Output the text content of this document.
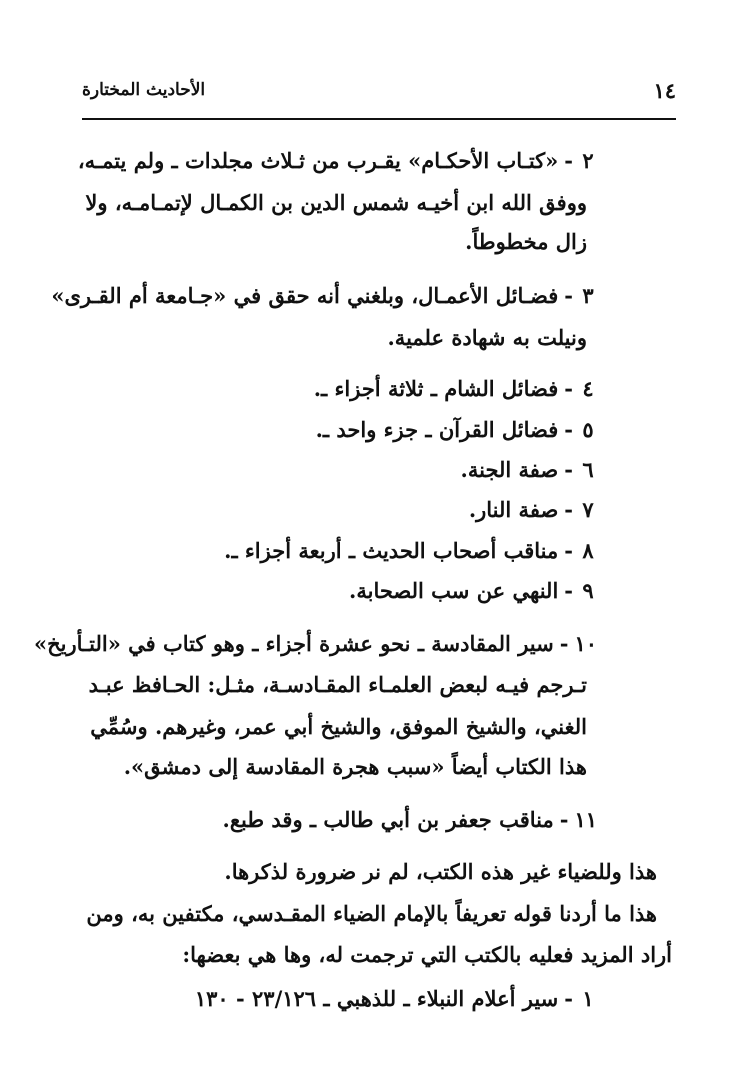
١٤
الأحاديث المختارة
٢-«كتـاب الأحكـام» يقـرب من ثـلاث مجلدات ـ ولم يتمـه،
ووفق الله ابن أخيـه شمس الدين بن الكمـال لإتمـامـه، ولا
زال مخطوطاً.
٣-فضـائل الأعمـال، وبلغني أنه حقق في «جـامعة أم القـرى»
ونيلت به شهادة علمية.
٤-فضائل الشام ـ ثلاثة أجزاء ـ.
٥-فضائل القرآن ـ جزء واحد ـ.
٦-صفة الجنة.
٧-صفة النار.
٨-مناقب أصحاب الحديث ـ أربعة أجزاء ـ.
٩-النهي عن سب الصحابة.
١٠-سير المقادسة ـ نحو عشرة أجزاء ـ وهو كتاب في «التـأريخ»
تـرجم فيـه لبعض العلمـاء المقـادسـة، مثـل: الحـافظ عبـد
الغني، والشيخ الموفق، والشيخ أبي عمر، وغيرهم. وسُمِّي
هذا الكتاب أيضاً «سبب هجرة المقادسة إلى دمشق».
١١-مناقب جعفر بن أبي طالب ـ وقد طبع.
هذا وللضياء غير هذه الكتب، لم نر ضرورة لذكرها.
هذا ما أردنا قوله تعريفاً بالإمام الضياء المقـدسي، مكتفين به، ومن
أراد المزيد فعليه بالكتب التي ترجمت له، وها هي بعضها:
١-سير أعلام النبلاء ـ للذهبي ـ ٢٣/١٢٦ - ١٣٠
